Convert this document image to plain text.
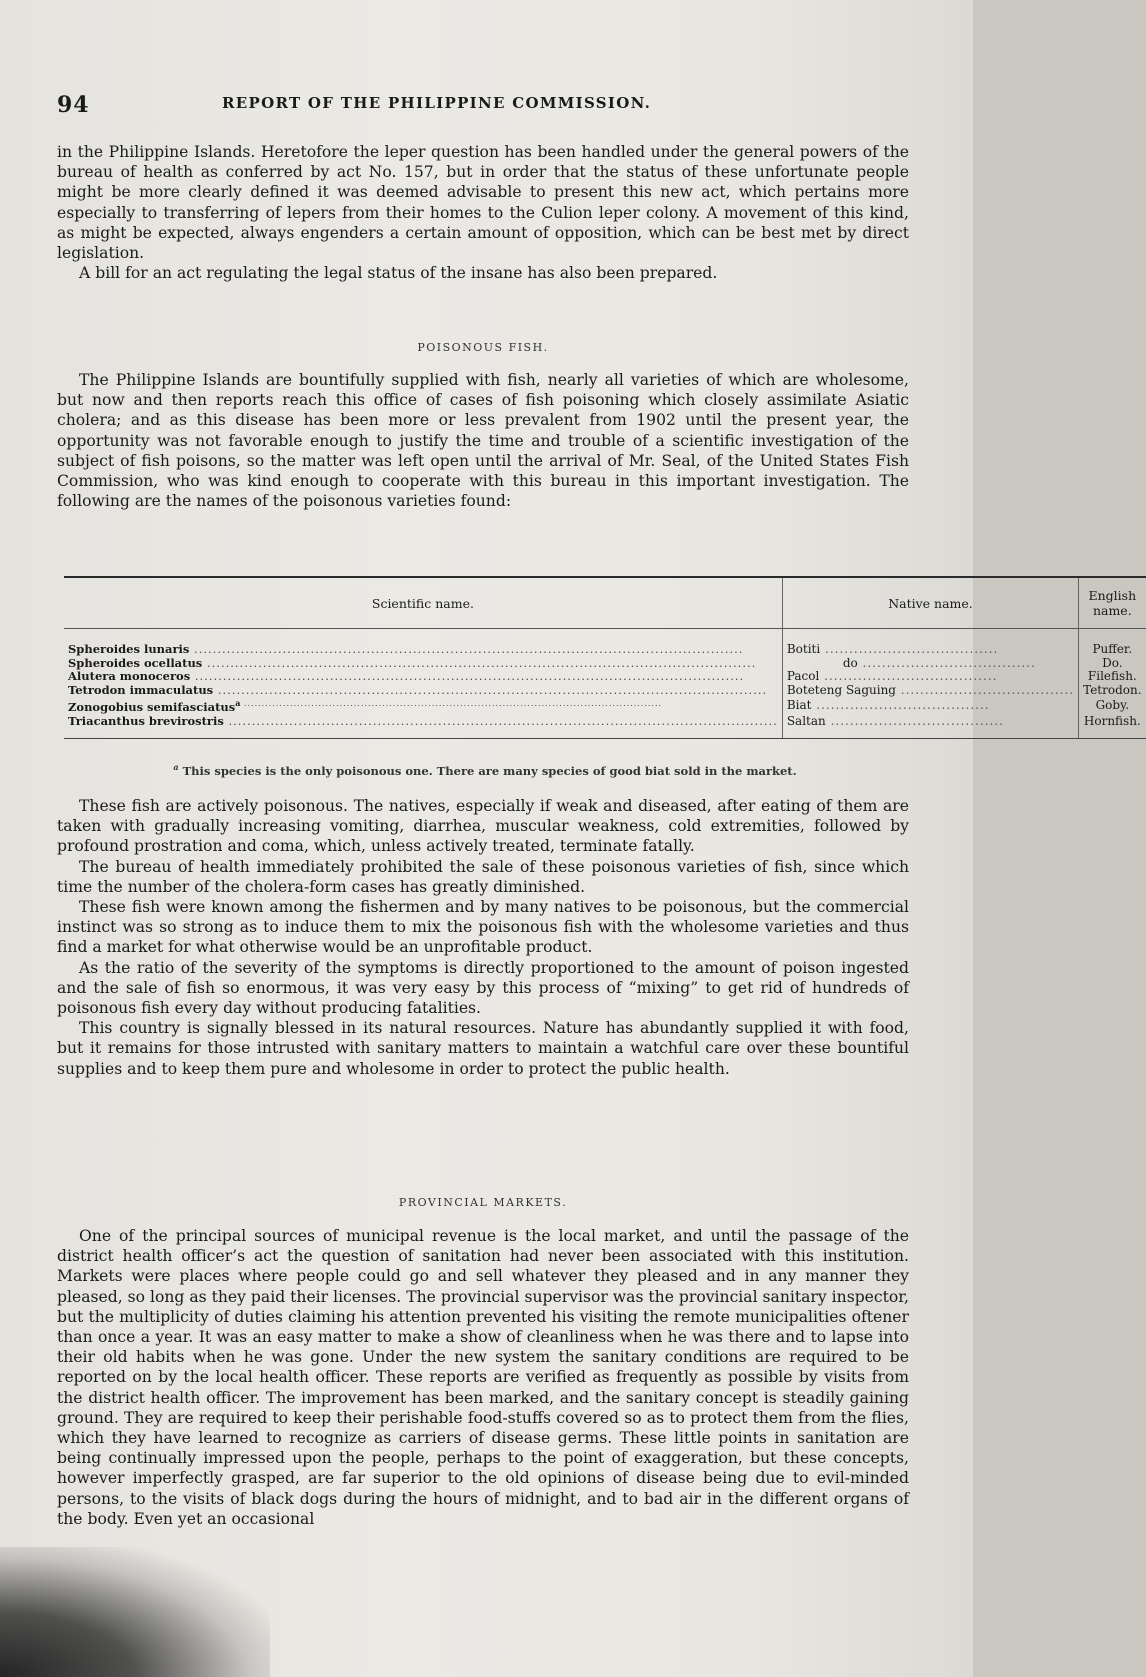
94	REPORT OF THE PHILIPPINE COMMISSION.

in the Philippine Islands. Heretofore the leper question has been handled under the general powers of the bureau of health as conferred by act No. 157, but in order that the status of these unfortunate people might be more clearly defined it was deemed advisable to present this new act, which pertains more especially to transferring of lepers from their homes to the Culion leper colony. A movement of this kind, as might be expected, always engenders a certain amount of opposition, which can be best met by direct legislation.

A bill for an act regulating the legal status of the insane has also been prepared.

POISONOUS FISH.

The Philippine Islands are bountifully supplied with fish, nearly all varieties of which are wholesome, but now and then reports reach this office of cases of fish poisoning which closely assimilate Asiatic cholera; and as this disease has been more or less prevalent from 1902 until the present year, the opportunity was not favorable enough to justify the time and trouble of a scientific investigation of the subject of fish poisons, so the matter was left open until the arrival of Mr. Seal, of the United States Fish Commission, who was kind enough to cooperate with this bureau in this important investigation. The following are the names of the poisonous varieties found:

Scientific name.	Native name.	English name.

Spheroides lunaris .....	Botiti .....	Puffer.
Spheroides ocellatus .....	do .....	Do.
Alutera monoceros .....	Pacol .....	Filefish.
Tetrodon immaculatus .....	Boteteng Saguing .....	Tetrodon.
Zonogobius semifasciatus$^a$ .....	Biat .....	Goby.
Triacanthus brevirostris .....	Saltan .....	Hornfish.
$^a$ This species is the only poisonous one. There are many species of good biat sold in the market.

These fish are actively poisonous. The natives, especially if weak and diseased, after eating of them are taken with gradually increasing vomiting, diarrhea, muscular weakness, cold extremities, followed by profound prostration and coma, which, unless actively treated, terminate fatally.

The bureau of health immediately prohibited the sale of these poisonous varieties of fish, since which time the number of the cholera-form cases has greatly diminished.

These fish were known among the fishermen and by many natives to be poisonous, but the commercial instinct was so strong as to induce them to mix the poisonous fish with the wholesome varieties and thus find a market for what otherwise would be an unprofitable product.

As the ratio of the severity of the symptoms is directly proportioned to the amount of poison ingested and the sale of fish so enormous, it was very easy by this process of “mixing” to get rid of hundreds of poisonous fish every day without producing fatalities.

This country is signally blessed in its natural resources. Nature has abundantly supplied it with food, but it remains for those intrusted with sanitary matters to maintain a watchful care over these bountiful supplies and to keep them pure and wholesome in order to protect the public health.

PROVINCIAL MARKETS.

One of the principal sources of municipal revenue is the local market, and until the passage of the district health officer’s act the question of sanitation had never been associated with this institution. Markets were places where people could go and sell whatever they pleased and in any manner they pleased, so long as they paid their licenses. The provincial supervisor was the provincial sanitary inspector, but the multiplicity of duties claiming his attention prevented his visiting the remote municipalities oftener than once a year. It was an easy matter to make a show of cleanliness when he was there and to lapse into their old habits when he was gone. Under the new system the sanitary conditions are required to be reported on by the local health officer. These reports are verified as frequently as possible by visits from the district health officer. The improvement has been marked, and the sanitary concept is steadily gaining ground. They are required to keep their perishable food-stuffs covered so as to protect them from the flies, which they have learned to recognize as carriers of disease germs. These little points in sanitation are being continually impressed upon the people, perhaps to the point of exaggeration, but these concepts, however imperfectly grasped, are far superior to the old opinions of disease being due to evil-minded persons, to the visits of black dogs during the hours of midnight, and to bad air in the different organs of the body. Even yet an occasional
